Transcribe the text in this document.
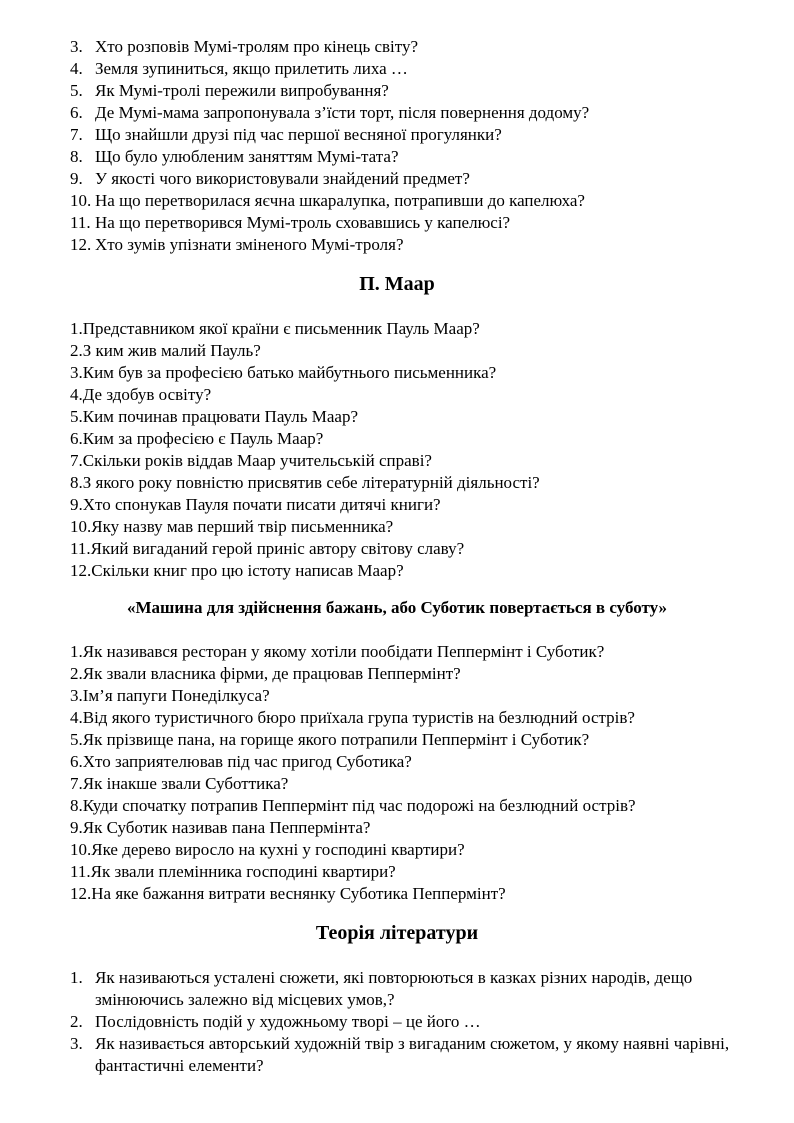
3. Хто розповів Мумі-тролям про кінець світу?
4. Земля зупиниться, якщо прилетить лиха …
5. Як Мумі-тролі пережили випробування?
6. Де Мумі-мама запропонувала з’їсти торт, після повернення додому?
7. Що знайшли друзі під час першої весняної прогулянки?
8. Що було улюбленим заняттям Мумі-тата?
9. У якості чого використовували знайдений предмет?
10. На що перетворилася яєчна шкаралупка, потрапивши до капелюха?
11. На що перетворився Мумі-троль сховавшись у капелюсі?
12. Хто зумів упізнати зміненого Мумі-троля?
П. Маар
1. Представником якої країни є письменник Пауль Маар?
2. З ким жив малий Пауль?
3. Ким був за професією батько майбутнього письменника?
4. Де здобув освіту?
5. Ким починав працювати Пауль Маар?
6. Ким за професією є Пауль Маар?
7. Скільки років віддав Маар учительській справі?
8. З якого року повністю присвятив себе літературній діяльності?
9. Хто спонукав Пауля почати писати дитячі книги?
10. Яку назву мав перший твір письменника?
11. Який вигаданий герой приніс автору світову славу?
12. Скільки книг про цю істоту написав Маар?
«Машина для здійснення бажань, або Суботик повертається в суботу»
1. Як називався ресторан у якому хотіли пообідати Пеппермінт і Суботик?
2. Як звали власника фірми, де працював Пеппермінт?
3. Ім’я папуги Понеділкуса?
4. Від якого туристичного бюро приїхала група туристів на безлюдний острів?
5. Як прізвище пана, на горище якого потрапили Пеппермінт і Суботик?
6. Хто заприятелював під час пригод Суботика?
7. Як інакше звали Суботтика?
8. Куди спочатку потрапив Пеппермінт під час подорожі на безлюдний острів?
9. Як Суботик називав пана Пеппермінта?
10. Яке дерево виросло на кухні у господині квартири?
11. Як звали племінника господині квартири?
12. На яке бажання витрати веснянку Суботика Пеппермінт?
Теорія літератури
1. Як називаються усталені сюжети, які повторюються в казках різних народів, дещо змінюючись залежно від місцевих умов,?
2. Послідовність подій у художньому творі – це його …
3. Як називається авторський художній твір з вигаданим сюжетом, у якому наявні чарівні, фантастичні елементи?
